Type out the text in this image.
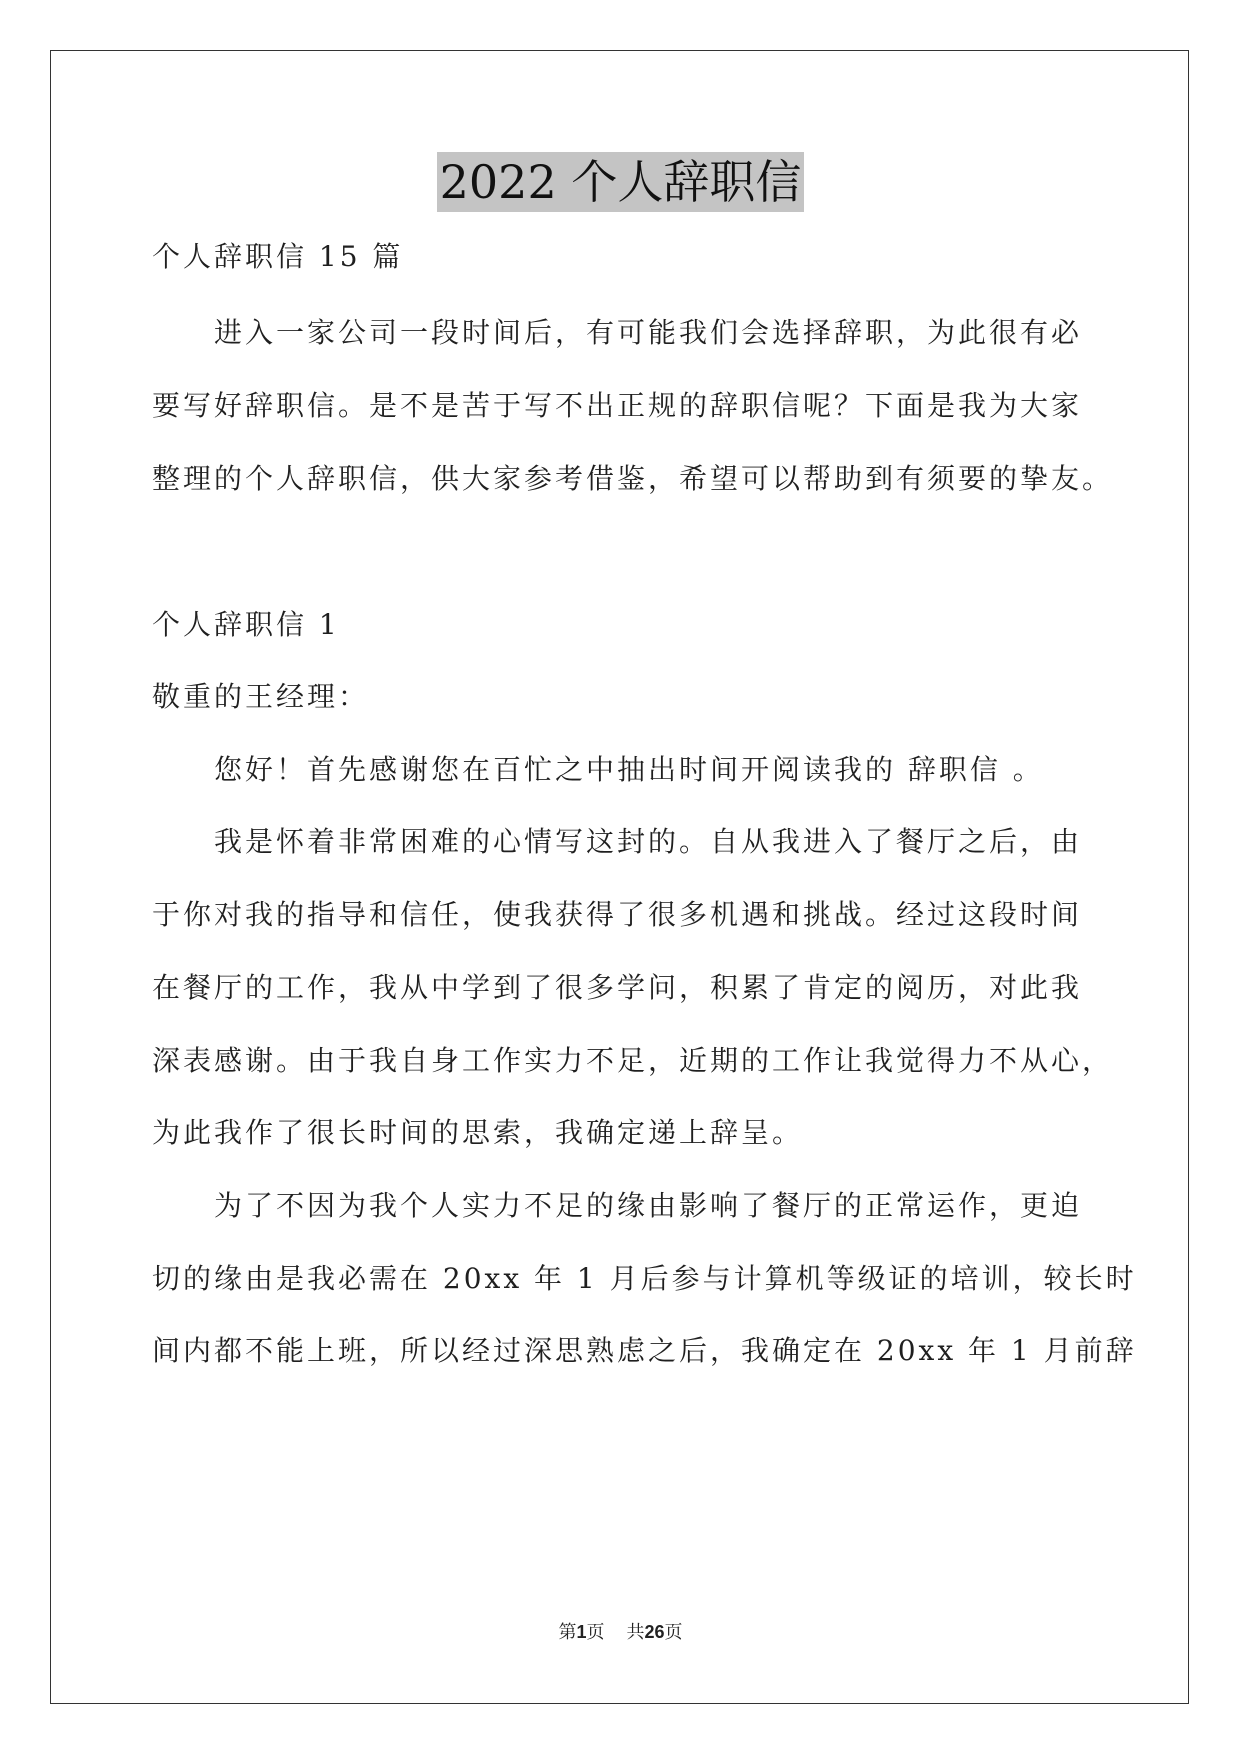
2022 个人辞职信
个人辞职信 15 篇
进入一家公司一段时间后，有可能我们会选择辞职，为此很有必
要写好辞职信。是不是苦于写不出正规的辞职信呢？下面是我为大家
整理的个人辞职信，供大家参考借鉴，希望可以帮助到有须要的挚友。
个人辞职信 1
敬重的王经理：
您好！首先感谢您在百忙之中抽出时间开阅读我的 辞职信 。
我是怀着非常困难的心情写这封的。自从我进入了餐厅之后，由
于你对我的指导和信任，使我获得了很多机遇和挑战。经过这段时间
在餐厅的工作，我从中学到了很多学问，积累了肯定的阅历，对此我
深表感谢。由于我自身工作实力不足，近期的工作让我觉得力不从心，
为此我作了很长时间的思索，我确定递上辞呈。
为了不因为我个人实力不足的缘由影响了餐厅的正常运作，更迫
切的缘由是我必需在 20xx 年 1 月后参与计算机等级证的培训，较长时
间内都不能上班，所以经过深思熟虑之后，我确定在 20xx 年 1 月前辞
第1页 共26页
